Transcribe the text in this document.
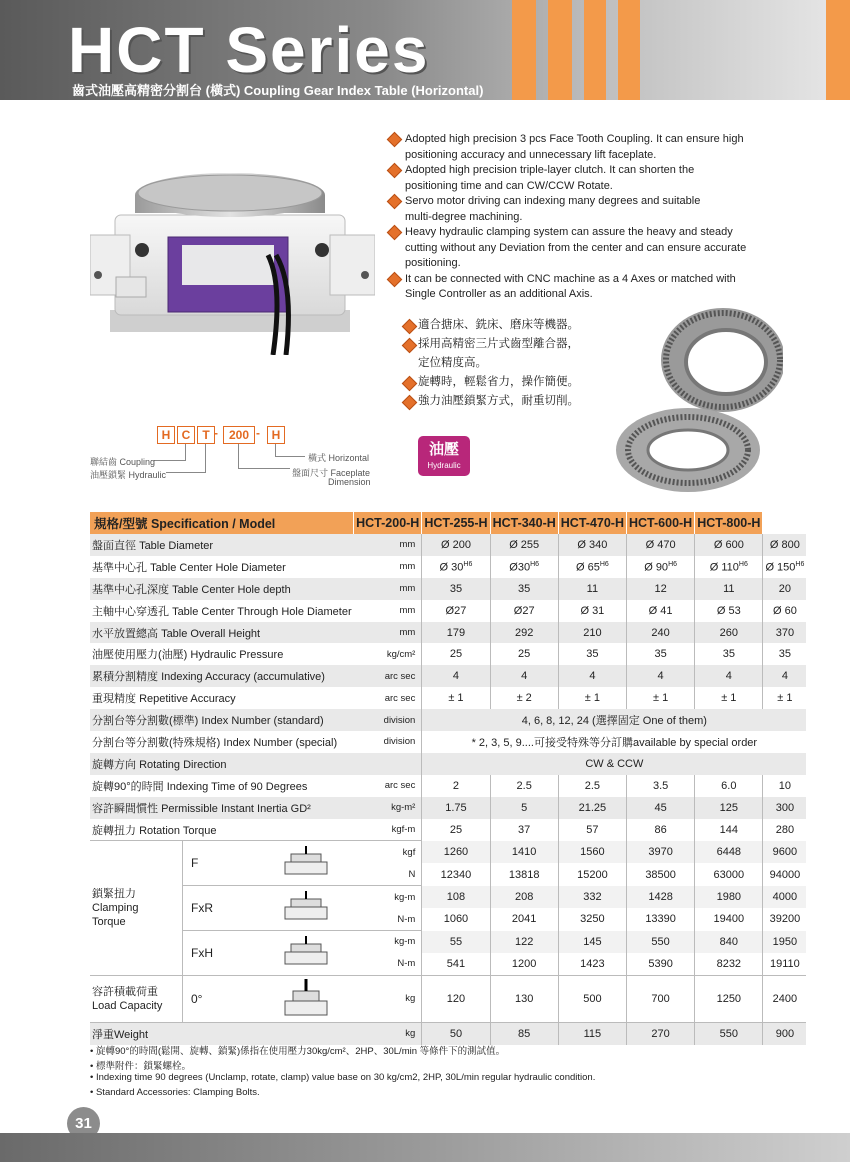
HCT Series
齒式油壓高精密分割台 (橫式) Coupling Gear Index Table (Horizontal)
Adopted high precision 3 pcs Face Tooth Coupling. It can ensure high
positioning accuracy and unnecessary lift faceplate.
Adopted high precision triple-layer clutch. It can shorten the
positioning time and can CW/CCW Rotate.
Servo motor driving can indexing many degrees and suitable
multi-degree machining.
Heavy hydraulic clamping system can assure the heavy and steady
cutting without any Deviation from the center and can ensure accurate
positioning.
It can be connected with CNC machine as a 4 Axes or matched with
Single Controller as an additional Axis.
適合搪床、銑床、磨床等機器。
採用高精密三片式齒型離合器，
定位精度高。
旋轉時，輕鬆省力，操作簡便。
強力油壓鎖緊方式，耐重切削。
H C	T - 200 - H
聯結齒 Coupling
油壓鎖緊 Hydraulic
橫式 Horizontal
盤面尺寸 Faceplate
Dimension
油壓
Hydraulic
規格/型號 Specification / Model		HCT-200-H	HCT-255-H	HCT-340-H	HCT-470-H	HCT-600-H	HCT-800-H	
盤面直徑 Table Diameter		mm	Ø 200	Ø 255	Ø 340	Ø 470	Ø 600	Ø 800
基準中心孔 Table Center Hole Diameter		mm	Ø $30^{H6}$	$Ø30^{H6}$	Ø $65^{H6}$	Ø $90^{H6}$	Ø $110^{H6}$	Ø $150^{H6}$
基準中心孔深度 Table Center Hole depth		mm	35	35	11	12	11	20
主軸中心穿透孔 Table Center Through Hole Diameter		mm	Ø27	Ø27	Ø 31	Ø 41	Ø 53	Ø 60
水平放置總高 Table Overall Height		mm	179	292	210	240	260	370
油壓使用壓力(油壓) Hydraulic Pressure		kg/cm²	25	25	35	35	35	35
累積分割精度 Indexing Accuracy (accumulative)		arc sec	4	4	4	4	4	4
重現精度 Repetitive Accuracy		arc sec	± 1	± 2	± 1	± 1	± 1	± 1
分割台等分割數(標準) Index Number (standard)		division	4, 6, 8, 12, 24 (選擇固定 One of them)					
分割台等分割數(特殊規格) Index Number (special)		division	* 2, 3, 5, 9....可接受特殊等分訂購available by special order					
旋轉方向 Rotating Direction			CW & CCW					
旋轉90°的時間 Indexing Time of 90 Degrees		arc sec	2	2.5	2.5	3.5	6.0	10
容許瞬間慣性 Permissible Instant Inertia GD²		kg-m²	1.75	5	21.25	45	125	300
旋轉扭力 Rotation Torque		kgf-m	25	37	57	86	144	280

鎖緊扭力
Clamping
Torque	F	kgf	1260	1410	1560	3970	6448	9600
		N	12340	13818	15200	38500	63000	94000

	FxR	kg-m	108	208	332	1428	1980	4000
		N-m	1060	2041	3250	13390	19400	39200

	FxH	kg-m	55	122	145	550	840	1950
		N-m	541	1200	1423	5390	8232	19110

容許積載荷重
Load Capacity	0°	kg	120	130	500	700	1250	2400
淨重Weight		kg	50	85	115	270	550	900
• 旋轉90°的時間(鬆開、旋轉、鎖緊)係指在使用壓力30kg/cm²、2HP、30L/min 等條件下的測試值。
• 標準附件：鎖緊螺栓。
• Indexing time 90 degrees (Unclamp, rotate, clamp) value base on 30 kg/cm2, 2HP, 30L/min regular hydraulic condition.
• Standard Accessories: Clamping Bolts.
31
